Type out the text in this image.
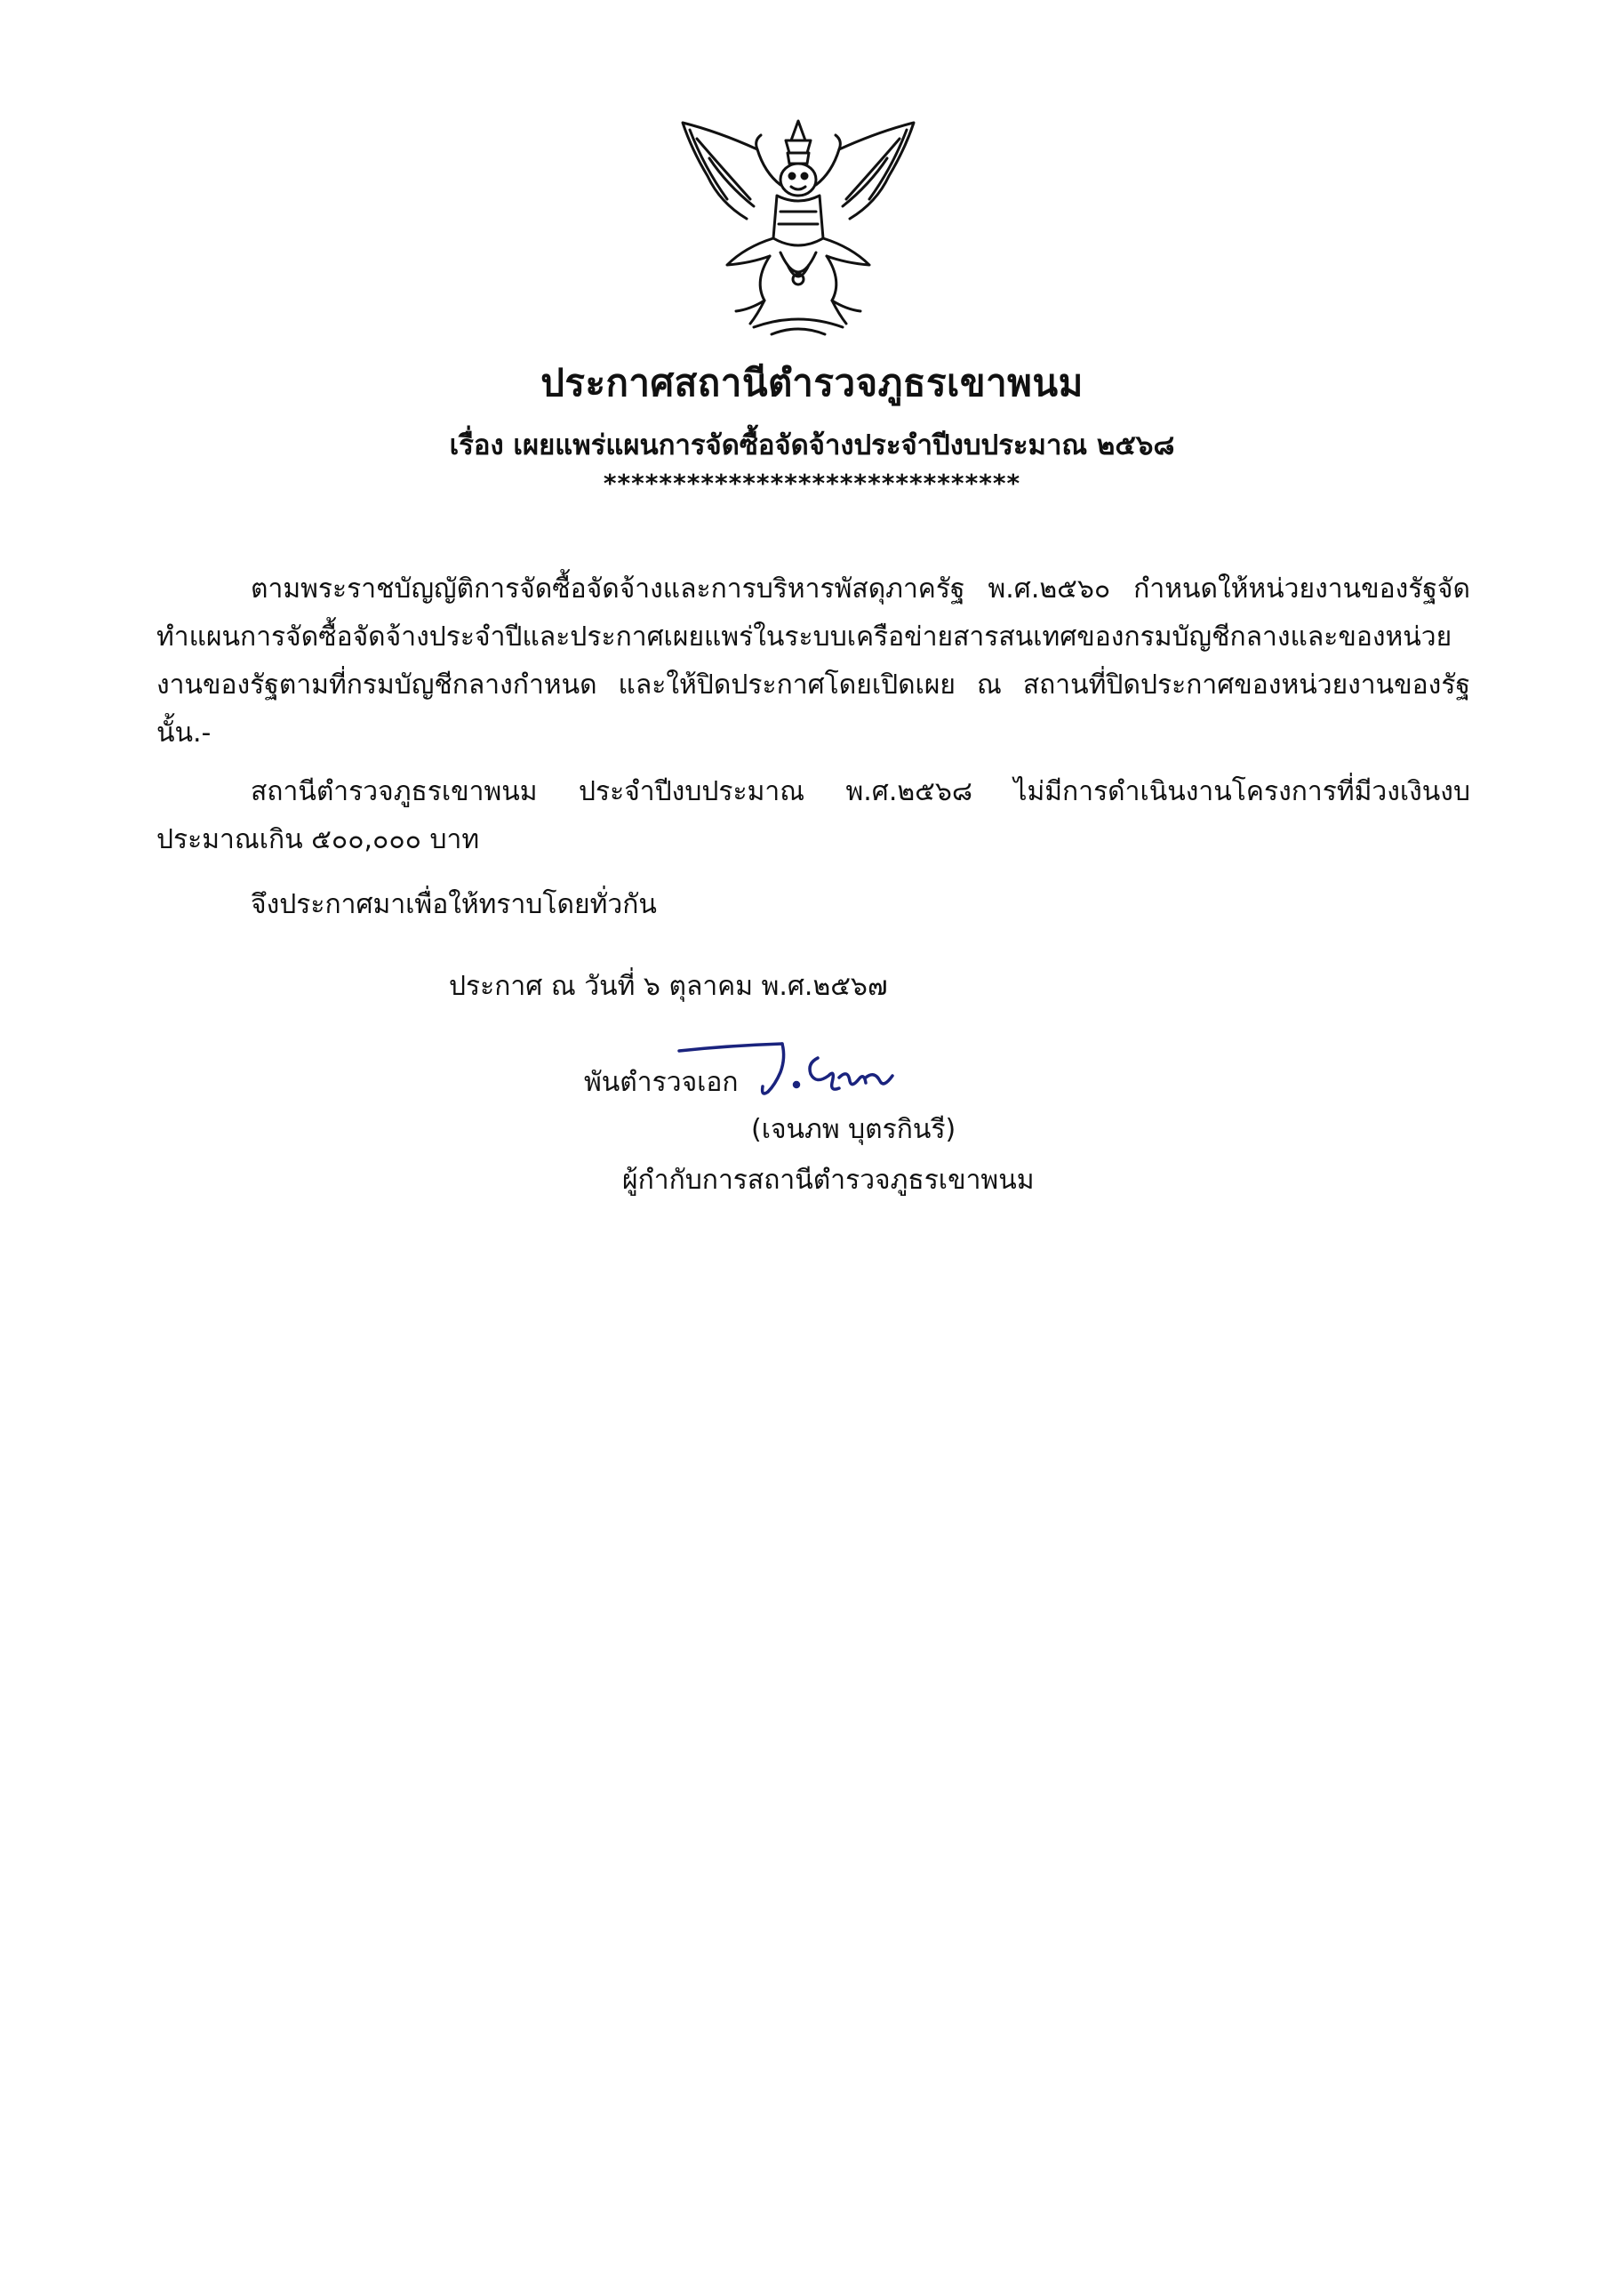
ประกาศสถานีตำรวจภูธรเขาพนม
เรื่อง เผยแพร่แผนการจัดซื้อจัดจ้างประจำปีงบประมาณ ๒๕๖๘
******************************
ตามพระราชบัญญัติการจัดซื้อจัดจ้างและการบริหารพัสดุภาครัฐ พ.ศ.๒๕๖๐ กำหนดให้หน่วยงานของรัฐจัดทำแผนการจัดซื้อจัดจ้างประจำปีและประกาศเผยแพร่ในระบบเครือข่ายสารสนเทศของกรมบัญชีกลางและของหน่วยงานของรัฐตามที่กรมบัญชีกลางกำหนด และให้ปิดประกาศโดยเปิดเผย ณ สถานที่ปิดประกาศของหน่วยงานของรัฐ นั้น.-
สถานีตำรวจภูธรเขาพนม ประจำปีงบประมาณ พ.ศ.๒๕๖๘ ไม่มีการดำเนินงานโครงการที่มีวงเงินงบประมาณเกิน ๕๐๐,๐๐๐ บาท
จึงประกาศมาเพื่อให้ทราบโดยทั่วกัน
ประกาศ ณ วันที่ ๖ ตุลาคม พ.ศ.๒๕๖๗
พันตำรวจเอก
(เจนภพ บุตรกินรี)
ผู้กำกับการสถานีตำรวจภูธรเขาพนม
